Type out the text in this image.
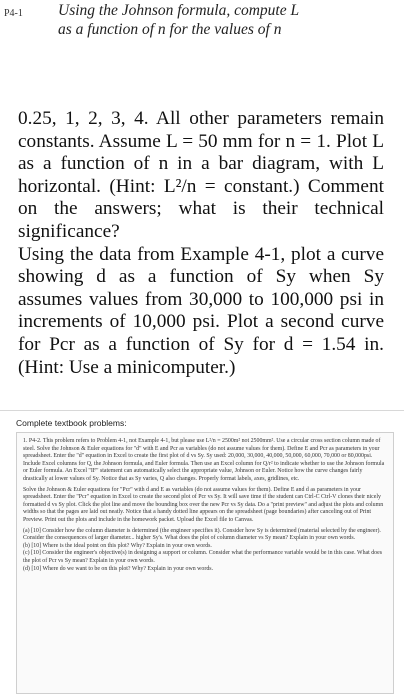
P4-1 Using the Johnson formula, compute L
as a function of n for the values of n

0.25, 1, 2, 3, 4. All other parameters remain constants. Assume L = 50 mm for n = 1. Plot L as a function of n in a bar diagram, with L horizontal. (Hint: L²/n = constant.) Comment on the answers; what is their technical significance?

Using the data from Example 4-1, plot a curve showing d as a function of Sy when Sy assumes values from 30,000 to 100,000 psi in increments of 10,000 psi. Plot a second curve for Pcr as a function of Sy for d = 1.54 in. (Hint: Use a minicomputer.)

Complete textbook problems:

1. P4-2. This problem refers to Problem 4-1, not Example 4-1, but please use L²/n = 2500m² not 2500mm². Use a circular cross section column made of steel. Solve the Johnson & Euler equations for "d" with E and Pcr as variables (do not assume values for them). Define E and Pcr as parameters in your spreadsheet. Enter the "d" equation in Excel to create the first plot of d vs Sy. Sy used: 20,000, 30,000, 40,000, 50,000, 60,000, 70,000 or 80,000psi. Include Excel columns for Q, the Johnson formula, and Euler formula. Then use an Excel column for Q/r² to indicate whether to use the Johnson formula or Euler formula. An Excel "IF" statement can automatically select the appropriate value, Johnson or Euler. Notice how the curve changes fairly drastically at lower values of Sy. Notice that as Sy varies, Q also changes. Properly format labels, axes, gridlines, etc.

Solve the Johnson & Euler equations for "Pcr" with d and E as variables (do not assume values for them). Define E and d as parameters in your spreadsheet. Enter the "Pcr" equation in Excel to create the second plot of Pcr vs Sy. It will save time if the student can Ctrl-C Ctrl-V clones their nicely formatted d vs Sy plot. Click the plot line and move the bounding box over the new Pcr vs Sy data. Do a "print preview" and adjust the plots and column widths so that the pages are laid out neatly. Notice that a handy dotted line appears on the spreadsheet (page boundaries) after canceling out of Print Preview. Print out the plots and include in the homework packet. Upload the Excel file to Canvas.

(a) [10] Consider how the column diameter is determined (the engineer specifies it). Consider how Sy is determined (material selected by the engineer). Consider the consequences of larger diameter... higher Sy's. What does the plot of column diameter vs Sy mean? Explain in your own words.

(b) [10] Where is the ideal point on this plot? Why? Explain in your own words.

(c) [10] Consider the engineer's objective(s) in designing a support or column. Consider what the performance variable would be in this case. What does the plot of Pcr vs Sy mean? Explain in your own words.

(d) [10] Where do we want to be on this plot? Why? Explain in your own words.
